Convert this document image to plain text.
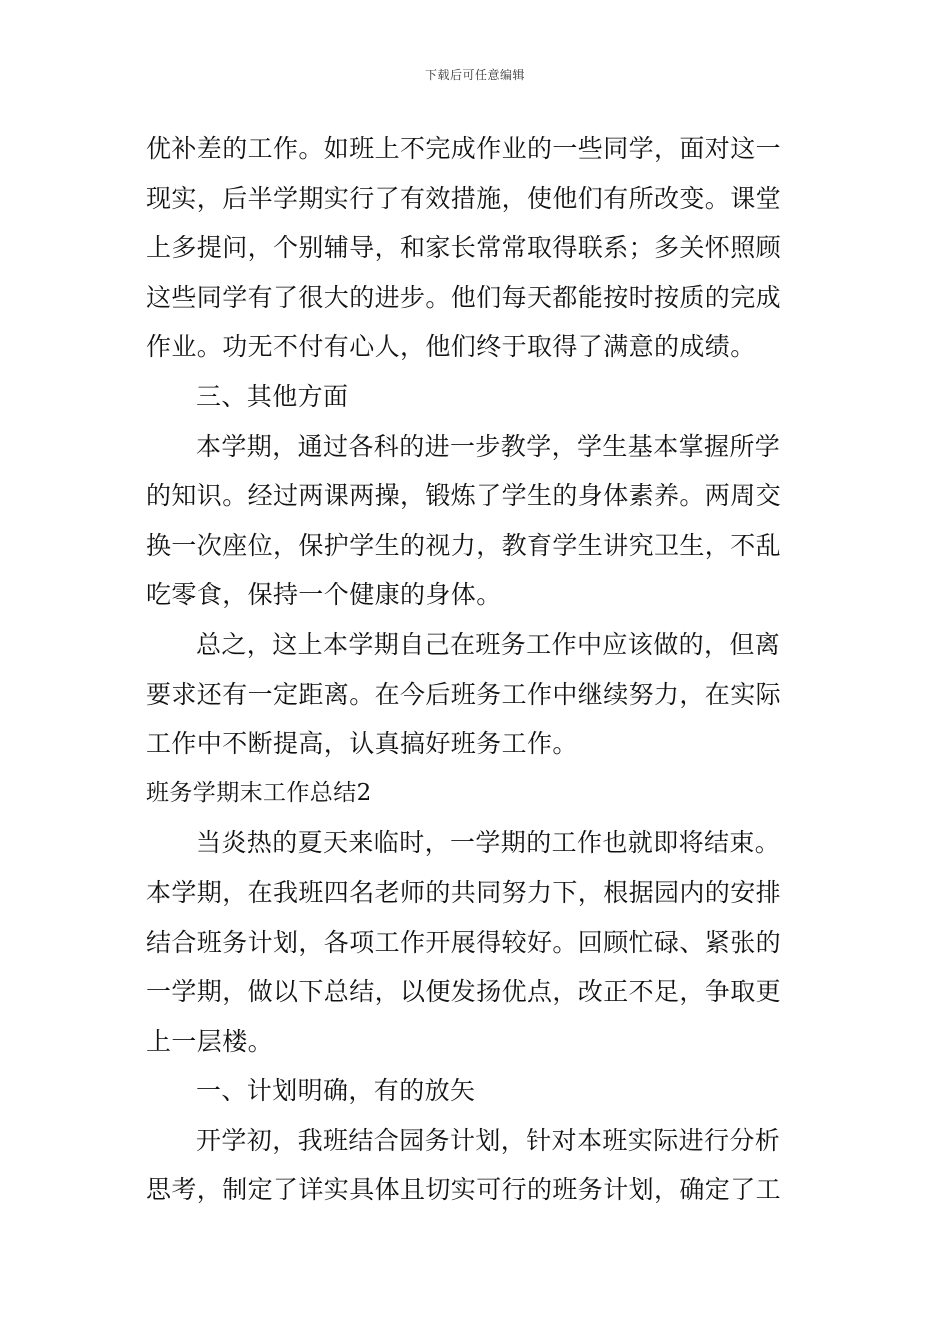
下载后可任意编辑
优补差的工作。如班上不完成作业的一些同学，面对这一
现实，后半学期实行了有效措施，使他们有所改变。课堂
上多提问，个别辅导，和家长常常取得联系；多关怀照顾
这些同学有了很大的进步。他们每天都能按时按质的完成
作业。功无不付有心人，他们终于取得了满意的成绩。
三、其他方面
本学期，通过各科的进一步教学，学生基本掌握所学
的知识。经过两课两操，锻炼了学生的身体素养。两周交
换一次座位，保护学生的视力，教育学生讲究卫生，不乱
吃零食，保持一个健康的身体。
总之，这上本学期自己在班务工作中应该做的，但离
要求还有一定距离。在今后班务工作中继续努力，在实际
工作中不断提高，认真搞好班务工作。
班务学期末工作总结2
当炎热的夏天来临时，一学期的工作也就即将结束。
本学期，在我班四名老师的共同努力下，根据园内的安排
结合班务计划，各项工作开展得较好。回顾忙碌、紧张的
一学期，做以下总结，以便发扬优点，改正不足，争取更
上一层楼。
一、计划明确，有的放矢
开学初，我班结合园务计划，针对本班实际进行分析
思考，制定了详实具体且切实可行的班务计划，确定了工
